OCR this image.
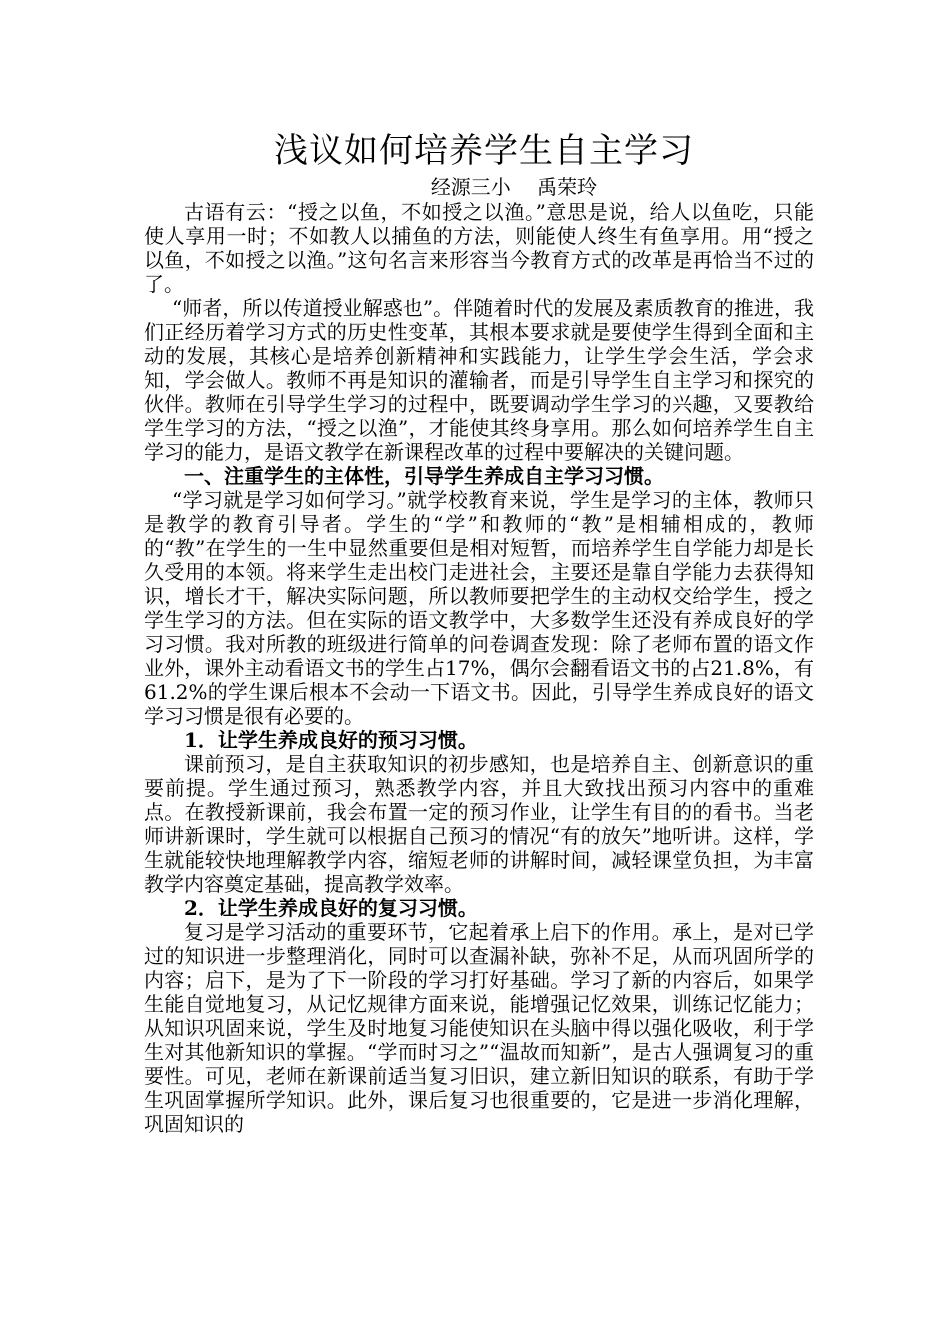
浅议如何培养学生自主学习
经源三小　 禹荣玲

古语有云：“授之以鱼，不如授之以渔。”意思是说，给人以鱼吃，只能使人享用一时；不如教人以捕鱼的方法，则能使人终生有鱼享用。用“授之以鱼，不如授之以渔。”这句名言来形容当今教育方式的改革是再恰当不过的了。

“师者，所以传道授业解惑也”。伴随着时代的发展及素质教育的推进，我们正经历着学习方式的历史性变革，其根本要求就是要使学生得到全面和主动的发展，其核心是培养创新精神和实践能力，让学生学会生活，学会求知，学会做人。教师不再是知识的灌输者，而是引导学生自主学习和探究的伙伴。教师在引导学生学习的过程中，既要调动学生学习的兴趣，又要教给学生学习的方法，“授之以渔”，才能使其终身享用。那么如何培养学生自主学习的能力，是语文教学在新课程改革的过程中要解决的关键问题。

一、注重学生的主体性，引导学生养成自主学习习惯。

“学习就是学习如何学习。”就学校教育来说，学生是学习的主体，教师只是教学的教育引导者。学生的“学”和教师的“教”是相辅相成的，教师的“教”在学生的一生中显然重要但是相对短暂，而培养学生自学能力却是长久受用的本领。将来学生走出校门走进社会，主要还是靠自学能力去获得知识，增长才干，解决实际问题，所以教师要把学生的主动权交给学生，授之学生学习的方法。但在实际的语文教学中，大多数学生还没有养成良好的学习习惯。我对所教的班级进行简单的问卷调查发现：除了老师布置的语文作业外，课外主动看语文书的学生占17%，偶尔会翻看语文书的占21.8%，有61.2%的学生课后根本不会动一下语文书。因此，引导学生养成良好的语文学习习惯是很有必要的。

1．让学生养成良好的预习习惯。

课前预习，是自主获取知识的初步感知，也是培养自主、创新意识的重要前提。学生通过预习，熟悉教学内容，并且大致找出预习内容中的重难点。在教授新课前，我会布置一定的预习作业，让学生有目的的看书。当老师讲新课时，学生就可以根据自己预习的情况“有的放矢”地听讲。这样，学生就能较快地理解教学内容，缩短老师的讲解时间，减轻课堂负担，为丰富教学内容奠定基础，提高教学效率。

2．让学生养成良好的复习习惯。

复习是学习活动的重要环节，它起着承上启下的作用。承上，是对已学过的知识进一步整理消化，同时可以查漏补缺，弥补不足，从而巩固所学的内容；启下，是为了下一阶段的学习打好基础。学习了新的内容后，如果学生能自觉地复习，从记忆规律方面来说，能增强记忆效果，训练记忆能力；从知识巩固来说，学生及时地复习能使知识在头脑中得以强化吸收，利于学生对其他新知识的掌握。“学而时习之”“温故而知新”，是古人强调复习的重要性。可见，老师在新课前适当复习旧识，建立新旧知识的联系，有助于学生巩固掌握所学知识。此外，课后复习也很重要的，它是进一步消化理解，巩固知识的
